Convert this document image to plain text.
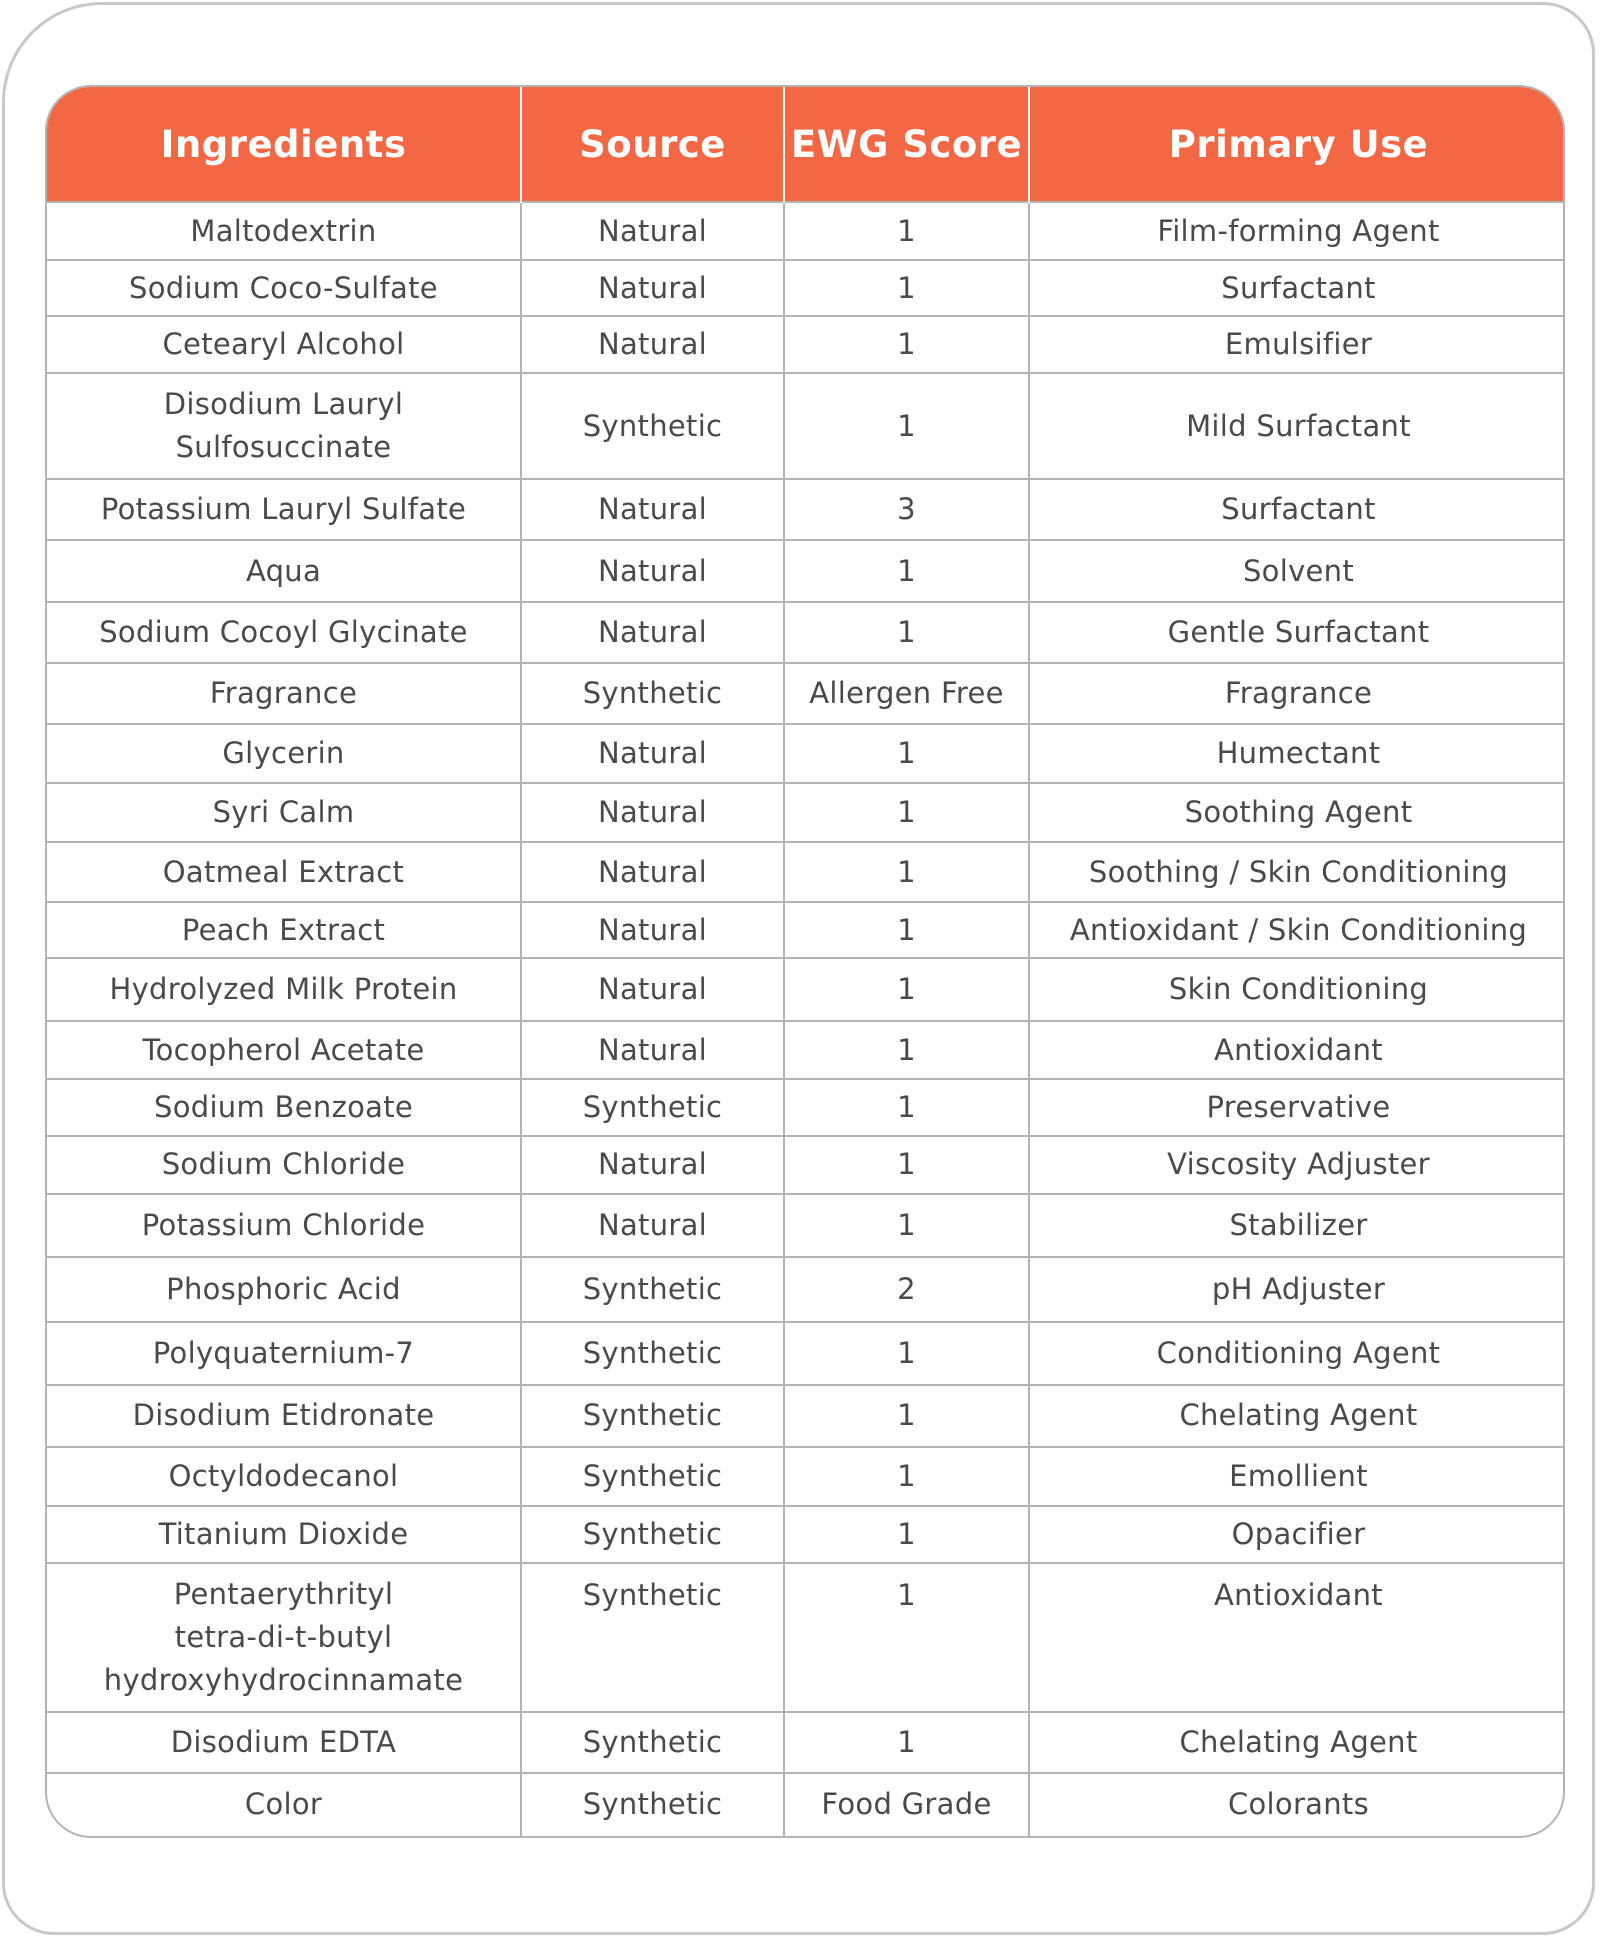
Ingredients	Source	EWG Score	Primary Use
Maltodextrin	Natural	1	Film-forming Agent
Sodium Coco-Sulfate	Natural	1	Surfactant
Cetearyl Alcohol	Natural	1	Emulsifier
Disodium Lauryl
Sulfosuccinate	Synthetic	1	Mild Surfactant
Potassium Lauryl Sulfate	Natural	3	Surfactant
Aqua	Natural	1	Solvent
Sodium Cocoyl Glycinate	Natural	1	Gentle Surfactant
Fragrance	Synthetic	Allergen Free	Fragrance
Glycerin	Natural	1	Humectant
Syri Calm	Natural	1	Soothing Agent
Oatmeal Extract	Natural	1	Soothing / Skin Conditioning
Peach Extract	Natural	1	Antioxidant / Skin Conditioning
Hydrolyzed Milk Protein	Natural	1	Skin Conditioning
Tocopherol Acetate	Natural	1	Antioxidant
Sodium Benzoate	Synthetic	1	Preservative
Sodium Chloride	Natural	1	Viscosity Adjuster
Potassium Chloride	Natural	1	Stabilizer
Phosphoric Acid	Synthetic	2	pH Adjuster
Polyquaternium-7	Synthetic	1	Conditioning Agent
Disodium Etidronate	Synthetic	1	Chelating Agent
Octyldodecanol	Synthetic	1	Emollient
Titanium Dioxide	Synthetic	1	Opacifier
Pentaerythrityl
tetra-di-t-butyl
hydroxyhydrocinnamate	Synthetic	1	Antioxidant
Disodium EDTA	Synthetic	1	Chelating Agent
Color	Synthetic	Food Grade	Colorants
